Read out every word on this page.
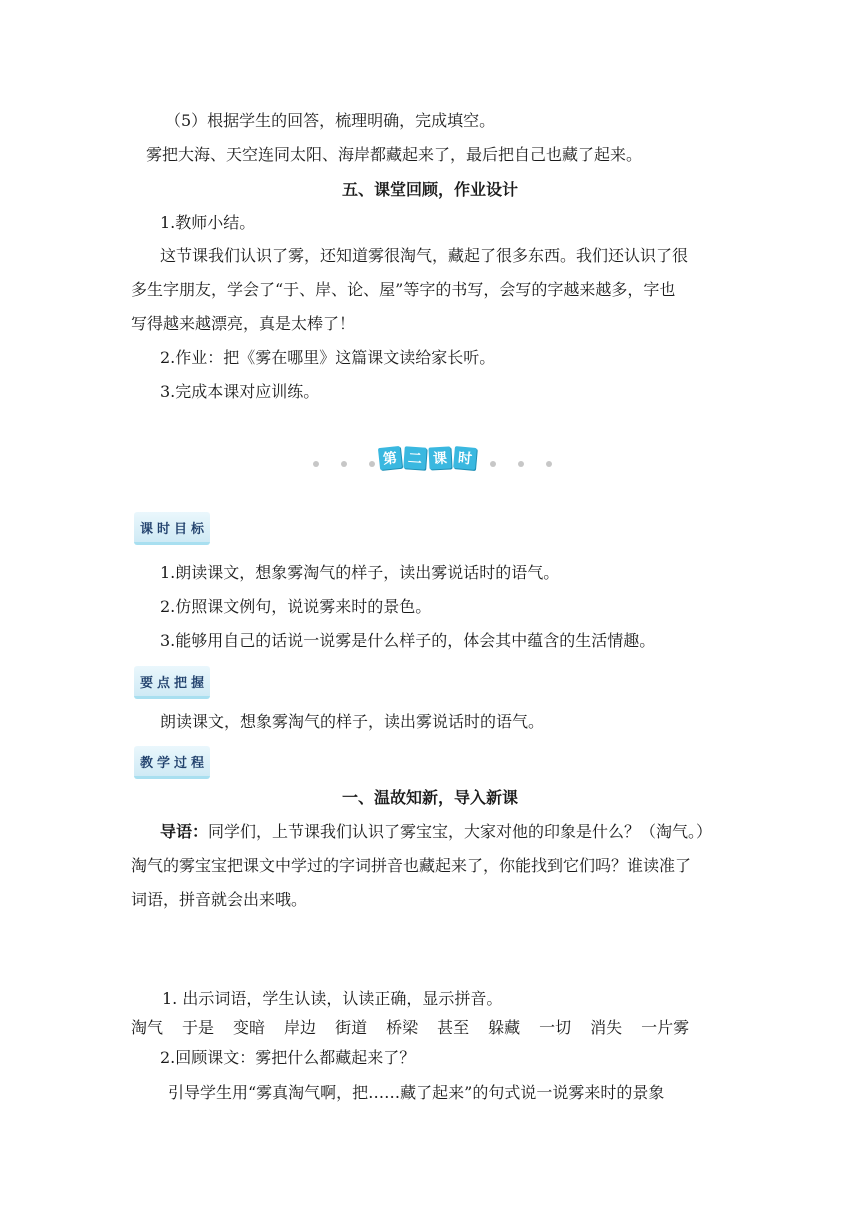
（5）根据学生的回答，梳理明确，完成填空。
雾把大海、天空连同太阳、海岸都藏起来了，最后把自己也藏了起来。
五、课堂回顾，作业设计
1.教师小结。
这节课我们认识了雾，还知道雾很淘气，藏起了很多东西。我们还认识了很
多生字朋友，学会了“于、岸、论、屋”等字的书写，会写的字越来越多，字也
写得越来越漂亮，真是太棒了！
2.作业：把《雾在哪里》这篇课文读给家长听。
3.完成本课对应训练。
第 二 课 时
课 时 目 标
1.朗读课文，想象雾淘气的样子，读出雾说话时的语气。
2.仿照课文例句，说说雾来时的景色。
3.能够用自己的话说一说雾是什么样子的，体会其中蕴含的生活情趣。
要 点 把 握
朗读课文，想象雾淘气的样子，读出雾说话时的语气。
教 学 过 程
一、温故知新，导入新课
导语：同学们，上节课我们认识了雾宝宝，大家对他的印象是什么？（淘气。）
淘气的雾宝宝把课文中学过的字词拼音也藏起来了，你能找到它们吗？谁读准了
词语，拼音就会出来哦。
1. 出示词语，学生认读，认读正确，显示拼音。
淘气 于是 变暗 岸边 街道 桥梁 甚至 躲藏 一切 消失 一片雾
2.回顾课文：雾把什么都藏起来了？
引导学生用“雾真淘气啊，把……藏了起来”的句式说一说雾来时的景象
